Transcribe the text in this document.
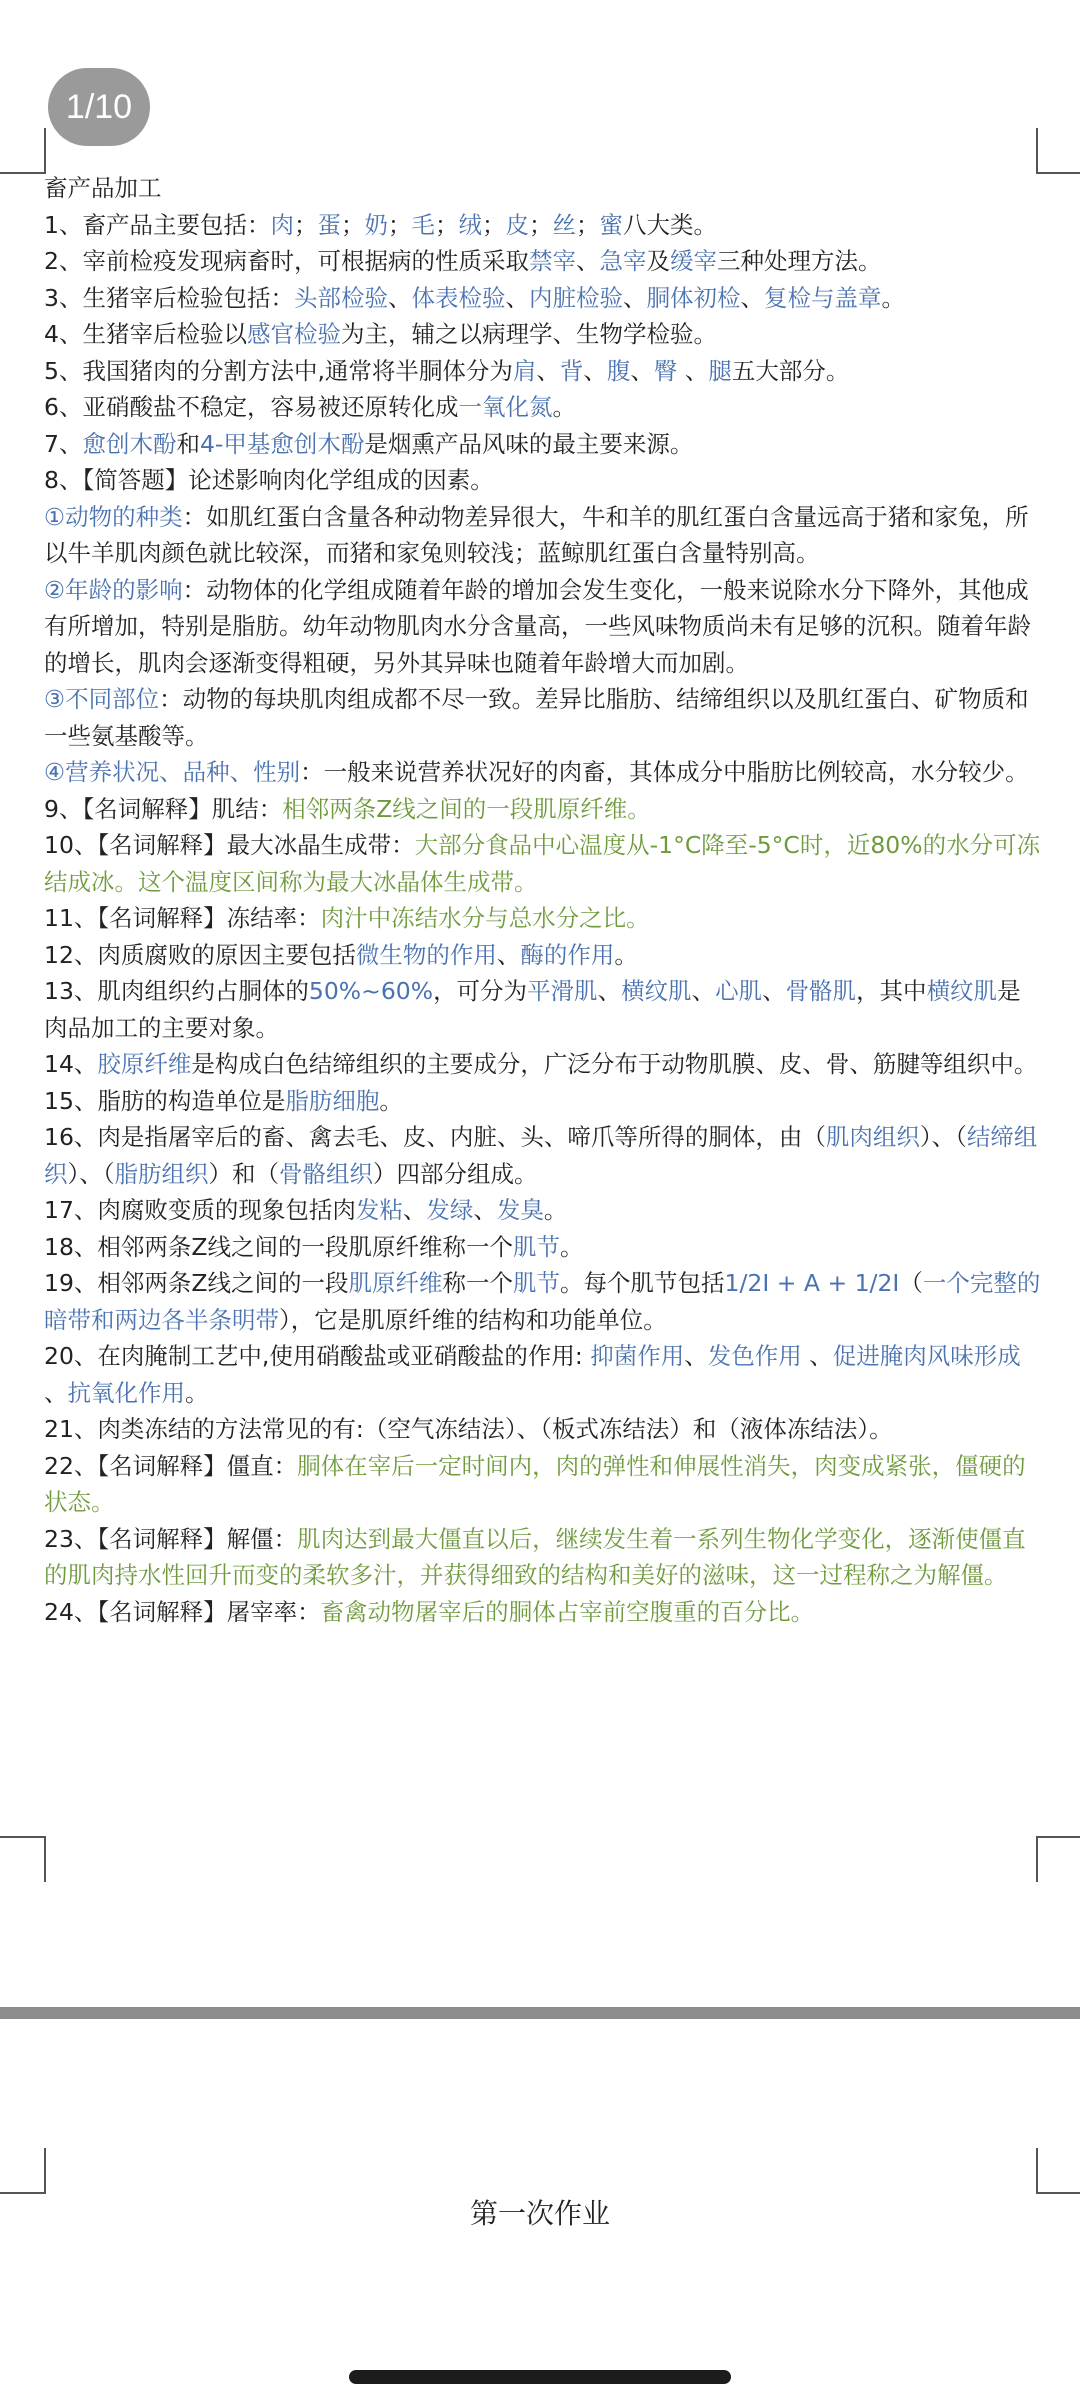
1/10

畜产品加工

1、畜产品主要包括：肉；蛋；奶；毛；绒；皮；丝；蜜八大类。

2、宰前检疫发现病畜时，可根据病的性质采取禁宰、急宰及缓宰三种处理方法。

3、生猪宰后检验包括：头部检验、体表检验、内脏检验、胴体初检、复检与盖章。

4、生猪宰后检验以感官检验为主，辅之以病理学、生物学检验。

5、我国猪肉的分割方法中,通常将半胴体分为肩、背、腹、臀 、腿五大部分。

6、亚硝酸盐不稳定，容易被还原转化成一氧化氮。

7、愈创木酚和4-甲基愈创木酚是烟熏产品风味的最主要来源。

8、【简答题】论述影响肉化学组成的因素。

①动物的种类：如肌红蛋白含量各种动物差异很大，牛和羊的肌红蛋白含量远高于猪和家兔，所以牛羊肌肉颜色就比较深，而猪和家兔则较浅；蓝鲸肌红蛋白含量特别高。

②年龄的影响：动物体的化学组成随着年龄的增加会发生变化，一般来说除水分下降外，其他成有所增加，特别是脂肪。幼年动物肌肉水分含量高，一些风味物质尚未有足够的沉积。随着年龄的增长，肌肉会逐渐变得粗硬，另外其异味也随着年龄增大而加剧。

③不同部位：动物的每块肌肉组成都不尽一致。差异比脂肪、结缔组织以及肌红蛋白、矿物质和一些氨基酸等。

④营养状况、品种、性别：一般来说营养状况好的肉畜，其体成分中脂肪比例较高，水分较少。

9、【名词解释】肌结：相邻两条Z线之间的一段肌原纤维。

10、【名词解释】最大冰晶生成带：大部分食品中心温度从-1°C降至-5°C时，近80%的水分可冻结成冰。这个温度区间称为最大冰晶体生成带。

11、【名词解释】冻结率：肉汁中冻结水分与总水分之比。

12、肉质腐败的原因主要包括微生物的作用、酶的作用。

13、肌肉组织约占胴体的50%~60%，可分为平滑肌、横纹肌、心肌、骨骼肌，其中横纹肌是肉品加工的主要对象。

14、胶原纤维是构成白色结缔组织的主要成分，广泛分布于动物肌膜、皮、骨、筋腱等组织中。

15、脂肪的构造单位是脂肪细胞。

16、肉是指屠宰后的畜、禽去毛、皮、内脏、头、啼爪等所得的胴体，由（肌肉组织）、（结缔组织）、（脂肪组织）和（骨骼组织）四部分组成。

17、肉腐败变质的现象包括肉发粘、发绿、发臭。

18、相邻两条Z线之间的一段肌原纤维称一个肌节。

19、相邻两条Z线之间的一段肌原纤维称一个肌节。每个肌节包括1/2I + A + 1/2I（一个完整的暗带和两边各半条明带），它是肌原纤维的结构和功能单位。

20、在肉腌制工艺中,使用硝酸盐或亚硝酸盐的作用: 抑菌作用、发色作用 、促进腌肉风味形成 、抗氧化作用。

21、肉类冻结的方法常见的有:（空气冻结法）、（板式冻结法）和（液体冻结法）。

22、【名词解释】僵直：胴体在宰后一定时间内，肉的弹性和伸展性消失，肉变成紧张，僵硬的状态。

23、【名词解释】解僵：肌肉达到最大僵直以后，继续发生着一系列生物化学变化，逐渐使僵直的肌肉持水性回升而变的柔软多汁，并获得细致的结构和美好的滋味，这一过程称之为解僵。

24、【名词解释】屠宰率：畜禽动物屠宰后的胴体占宰前空腹重的百分比。

第一次作业
